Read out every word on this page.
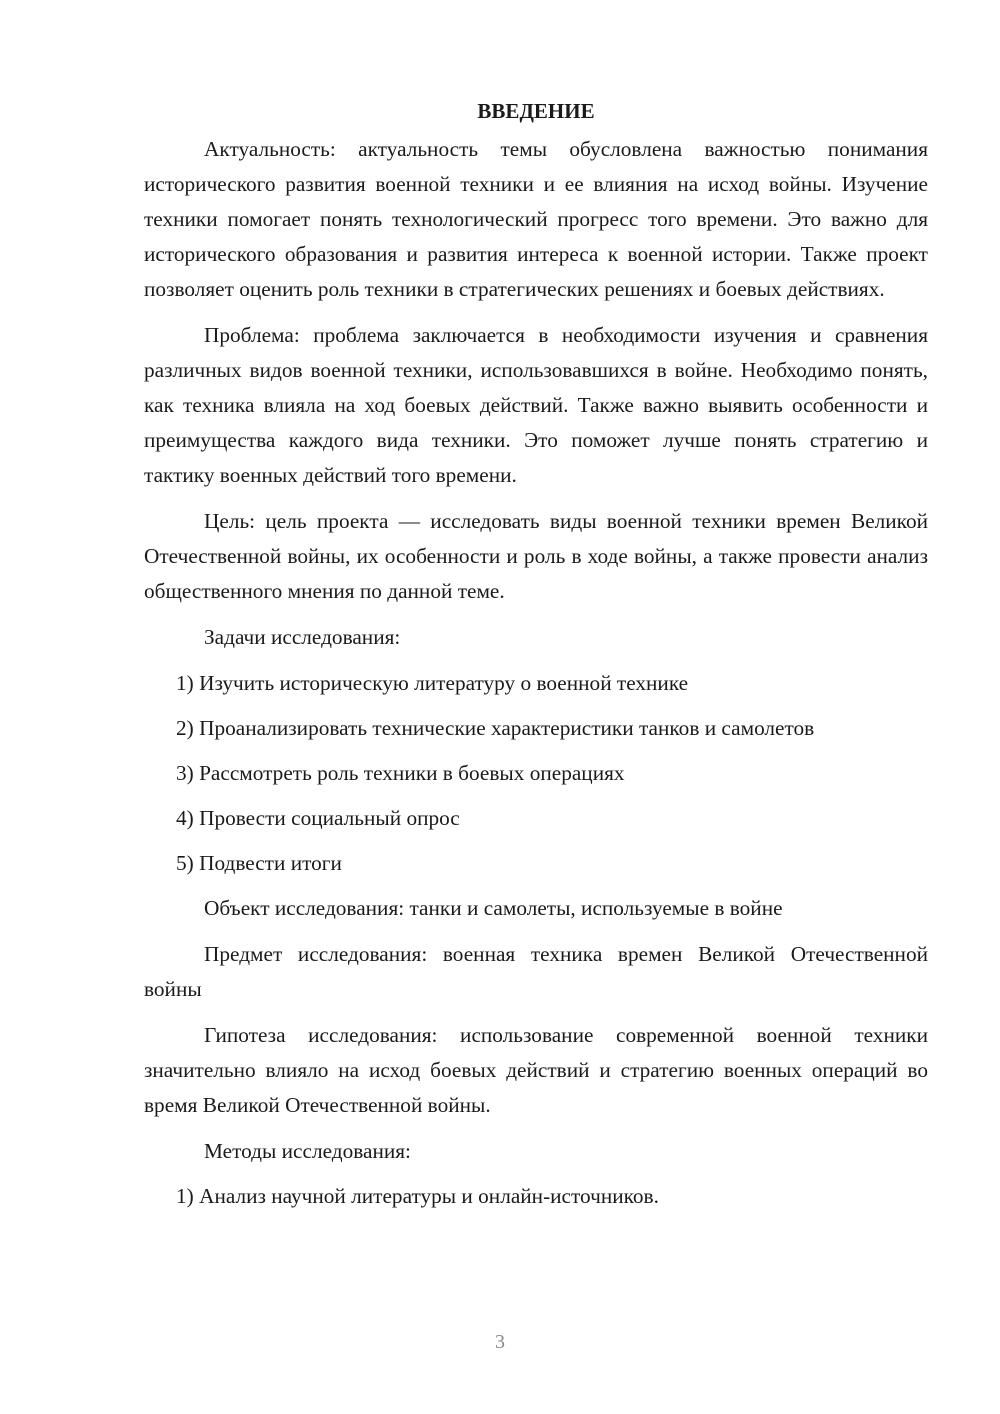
ВВЕДЕНИЕ

Актуальность: актуальность темы обусловлена важностью понимания исторического развития военной техники и ее влияния на исход войны. Изучение техники помогает понять технологический прогресс того времени. Это важно для исторического образования и развития интереса к военной истории. Также проект позволяет оценить роль техники в стратегических решениях и боевых действиях.

Проблема: проблема заключается в необходимости изучения и сравнения различных видов военной техники, использовавшихся в войне. Необходимо понять, как техника влияла на ход боевых действий. Также важно выявить особенности и преимущества каждого вида техники. Это поможет лучше понять стратегию и тактику военных действий того времени.

Цель: цель проекта — исследовать виды военной техники времен Великой Отечественной войны, их особенности и роль в ходе войны, а также провести анализ общественного мнения по данной теме.

Задачи исследования:

1) Изучить историческую литературу о военной технике

2) Проанализировать технические характеристики танков и самолетов

3) Рассмотреть роль техники в боевых операциях

4) Провести социальный опрос

5) Подвести итоги

Объект исследования: танки и самолеты, используемые в войне

Предмет исследования: военная техника времен Великой Отечественной войны

Гипотеза исследования: использование современной военной техники значительно влияло на исход боевых действий и стратегию военных операций во время Великой Отечественной войны.

Методы исследования:

1) Анализ научной литературы и онлайн-источников.

3
